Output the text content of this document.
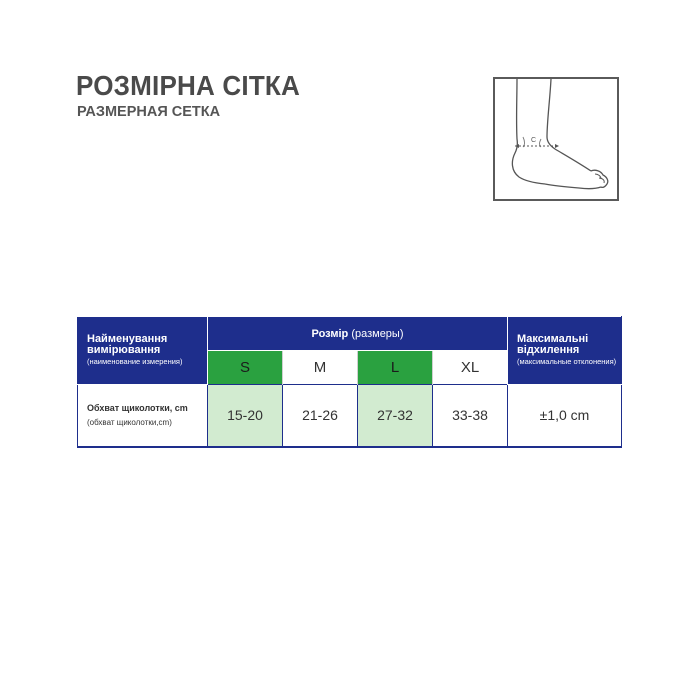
РОЗМІРНА СІТКА
РАЗМЕРНАЯ СЕТКА
C
Найменування вимірювання
(наименование измерения)	Розмір (размеры)				Максимальні відхилення
(максимальные отклонения)

	S	M	L	XL	

Обхват щиколотки, cm
(обхват щиколотки,cm)	15-20	21-26	27-32	33-38	±1,0 cm
